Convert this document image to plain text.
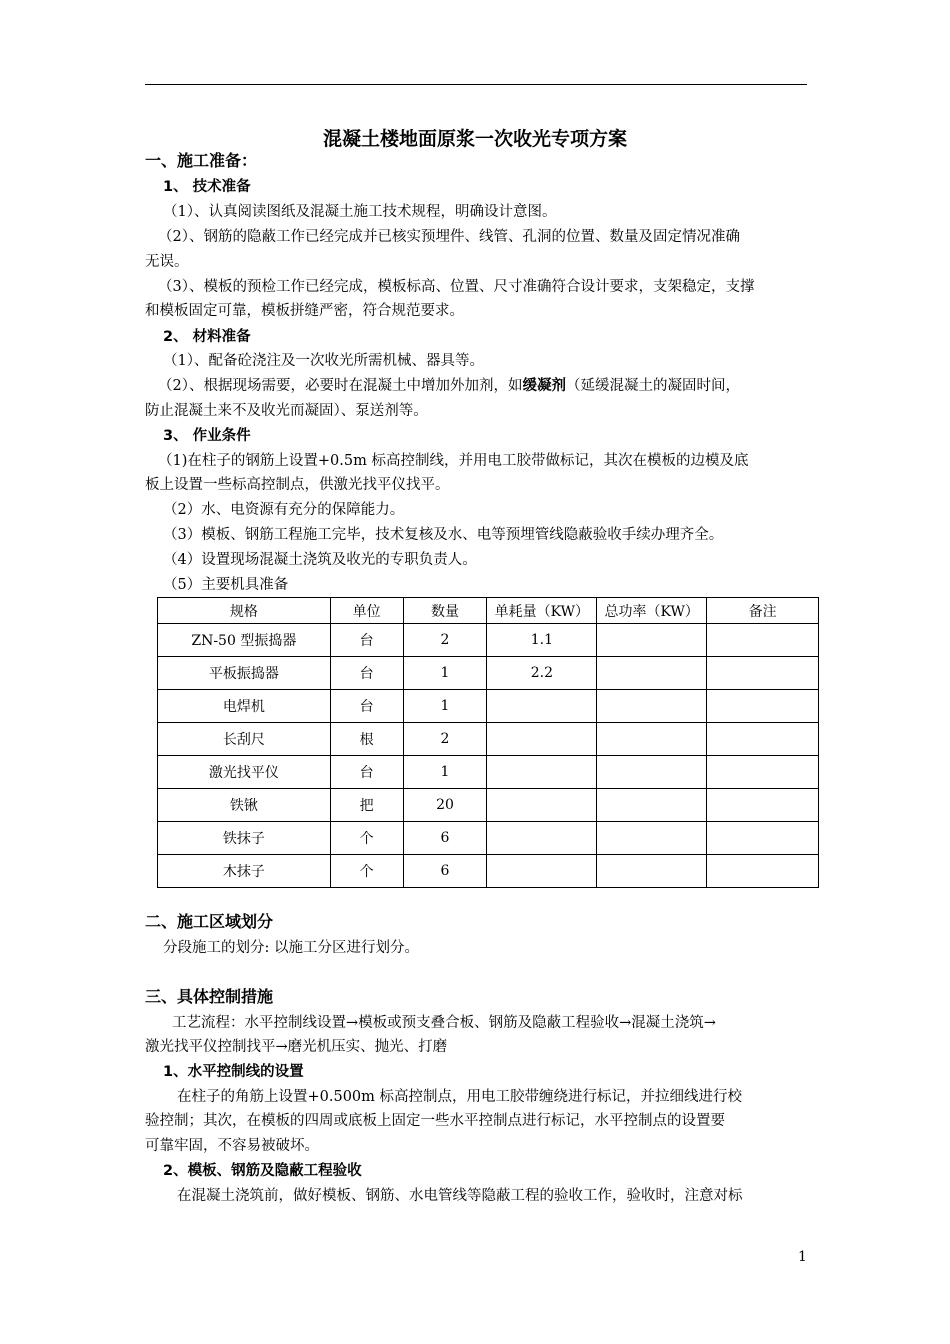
混凝土楼地面原浆一次收光专项方案
一、施工准备：
1、 技术准备
（1）、认真阅读图纸及混凝土施工技术规程，明确设计意图。
（2）、钢筋的隐蔽工作已经完成并已核实预埋件、线管、孔洞的位置、数量及固定情况准确
无误。
（3）、模板的预检工作已经完成，模板标高、位置、尺寸准确符合设计要求，支架稳定，支撑
和模板固定可靠，模板拼缝严密，符合规范要求。
2、 材料准备
（1）、配备砼浇注及一次收光所需机械、器具等。
（2）、根据现场需要，必要时在混凝土中增加外加剂，如缓凝剂（延缓混凝土的凝固时间，
防止混凝土来不及收光而凝固）、泵送剂等。
3、 作业条件
（1)在柱子的钢筋上设置+0.5m 标高控制线，并用电工胶带做标记，其次在模板的边模及底
板上设置一些标高控制点，供激光找平仪找平。
（2）水、电资源有充分的保障能力。
（3）模板、钢筋工程施工完毕，技术复核及水、电等预埋管线隐蔽验收手续办理齐全。
（4）设置现场混凝土浇筑及收光的专职负责人。
（5）主要机具准备
规格	单位	数量	单耗量（KW）	总功率（KW）	备注
ZN-50 型振捣器	台	2	1.1		
平板振捣器	台	1	2.2		
电焊机	台	1			
长刮尺	根	2			
激光找平仪	台	1			
铁锹	把	20			
铁抹子	个	6			
木抹子	个	6			
二、施工区域划分
分段施工的划分: 以施工分区进行划分。
三、具体控制措施
工艺流程：水平控制线设置→模板或预支叠合板、钢筋及隐蔽工程验收→混凝土浇筑→
激光找平仪控制找平→磨光机压实、抛光、打磨
1、水平控制线的设置
在柱子的角筋上设置+0.500m 标高控制点，用电工胶带缠绕进行标记，并拉细线进行校
验控制；其次，在模板的四周或底板上固定一些水平控制点进行标记，水平控制点的设置要
可靠牢固，不容易被破坏。
2、模板、钢筋及隐蔽工程验收
在混凝土浇筑前，做好模板、钢筋、水电管线等隐蔽工程的验收工作，验收时，注意对标
1
